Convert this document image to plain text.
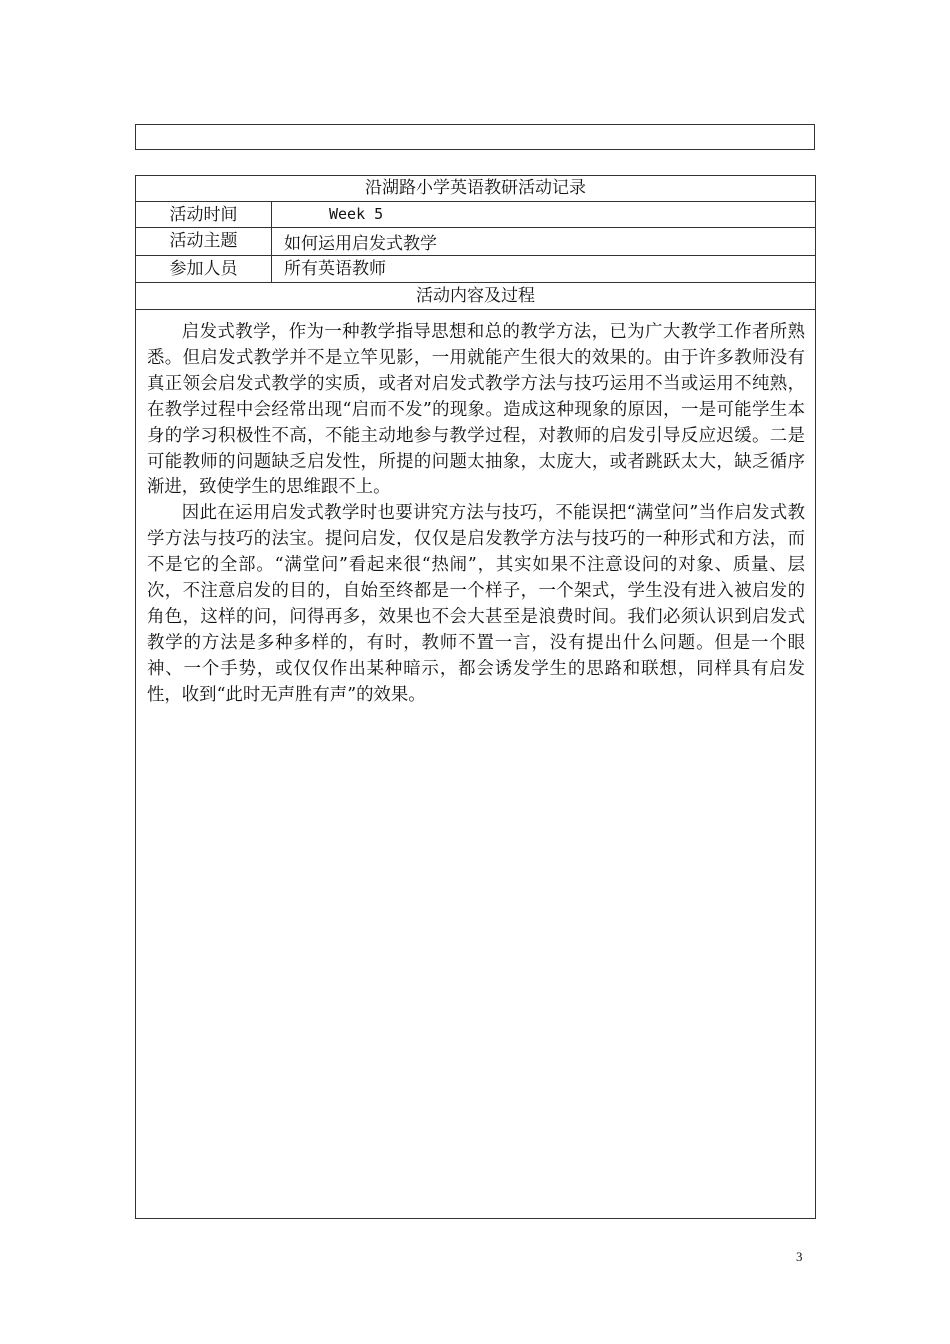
沿湖路小学英语教研活动记录
活动时间	Week 5
活动主题	如何运用启发式教学
参加人员	所有英语教师
活动内容及过程

启发式教学，作为一种教学指导思想和总的教学方法，已为广大教学工作者所熟悉。但启发式教学并不是立竿见影，一用就能产生很大的效果的。由于许多教师没有真正领会启发式教学的实质，或者对启发式教学方法与技巧运用不当或运用不纯熟，在教学过程中会经常出现“启而不发”的现象。造成这种现象的原因，一是可能学生本身的学习积极性不高，不能主动地参与教学过程，对教师的启发引导反应迟缓。二是可能教师的问题缺乏启发性，所提的问题太抽象，太庞大，或者跳跃太大，缺乏循序渐进，致使学生的思维跟不上。

因此在运用启发式教学时也要讲究方法与技巧，不能误把“满堂问”当作启发式教学方法与技巧的法宝。提问启发，仅仅是启发教学方法与技巧的一种形式和方法，而不是它的全部。“满堂问”看起来很“热闹”，其实如果不注意设问的对象、质量、层次，不注意启发的目的，自始至终都是一个样子，一个架式，学生没有进入被启发的角色，这样的问，问得再多，效果也不会大甚至是浪费时间。我们必须认识到启发式教学的方法是多种多样的，有时，教师不置一言，没有提出什么问题。但是一个眼神、一个手势，或仅仅作出某种暗示，都会诱发学生的思路和联想，同样具有启发性，收到“此时无声胜有声”的效果。

3
